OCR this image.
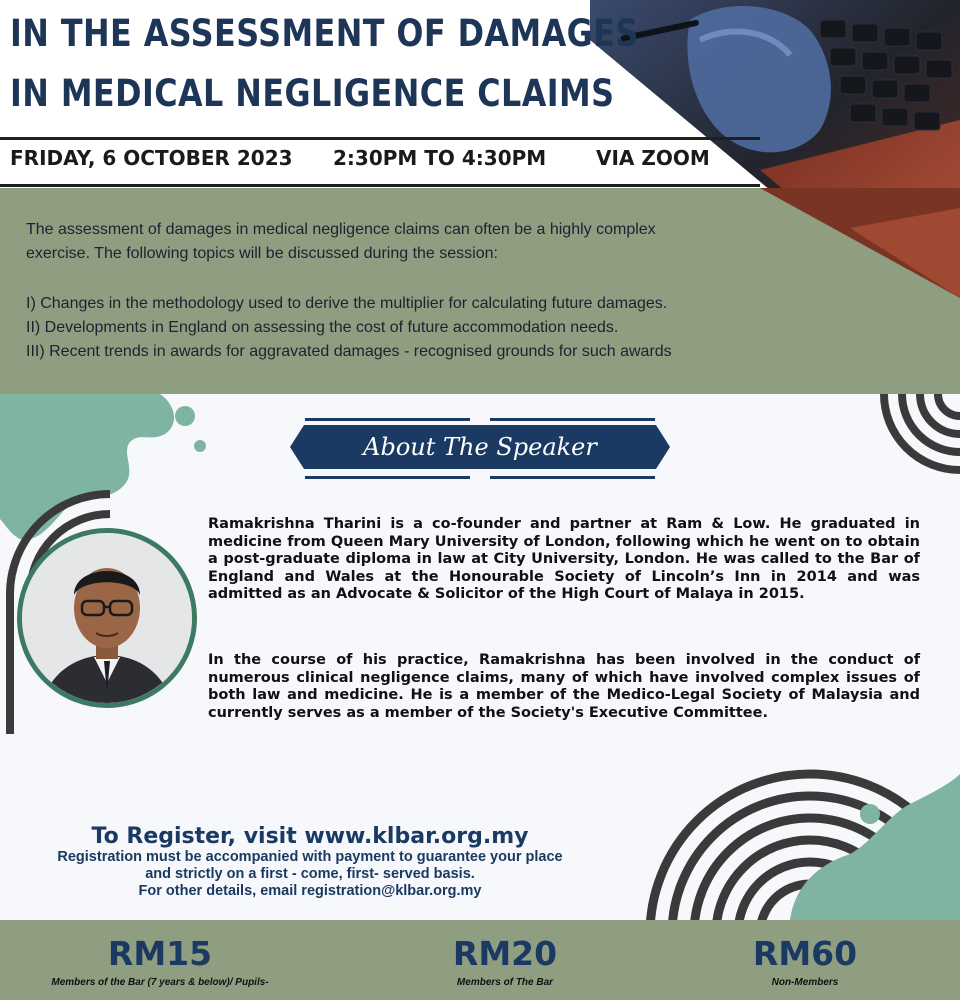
IN THE ASSESSMENT OF DAMAGES
IN MEDICAL NEGLIGENCE CLAIMS
FRIDAY, 6 OCTOBER 2023 2:30PM TO 4:30PM VIA ZOOM

The assessment of damages in medical negligence claims can often be a highly complex
exercise. The following topics will be discussed during the session:

I) Changes in the methodology used to derive the multiplier for calculating future damages.
II) Developments in England on assessing the cost of future accommodation needs.
III) Recent trends in awards for aggravated damages - recognised grounds for such awards
About The Speaker

Ramakrishna Tharini is a co-founder and partner at Ram & Low. He graduated in medicine from Queen Mary University of London, following which he went on to obtain a post-graduate diploma in law at City University, London. He was called to the Bar of England and Wales at the Honourable Society of Lincoln’s Inn in 2014 and was admitted as an Advocate & Solicitor of the High Court of Malaya in 2015.

In the course of his practice, Ramakrishna has been involved in the conduct of numerous clinical negligence claims, many of which have involved complex issues of both law and medicine. He is a member of the Medico-Legal Society of Malaysia and currently serves as a member of the Society's Executive Committee.

To Register, visit www.klbar.org.my
Registration must be accompanied with payment to guarantee your place
and strictly on a first - come, first- served basis.
For other details, email registration@klbar.org.my
RM15
Members of the Bar (7 years & below)/ Pupils-
RM20
Members of The Bar
RM60
Non-Members
